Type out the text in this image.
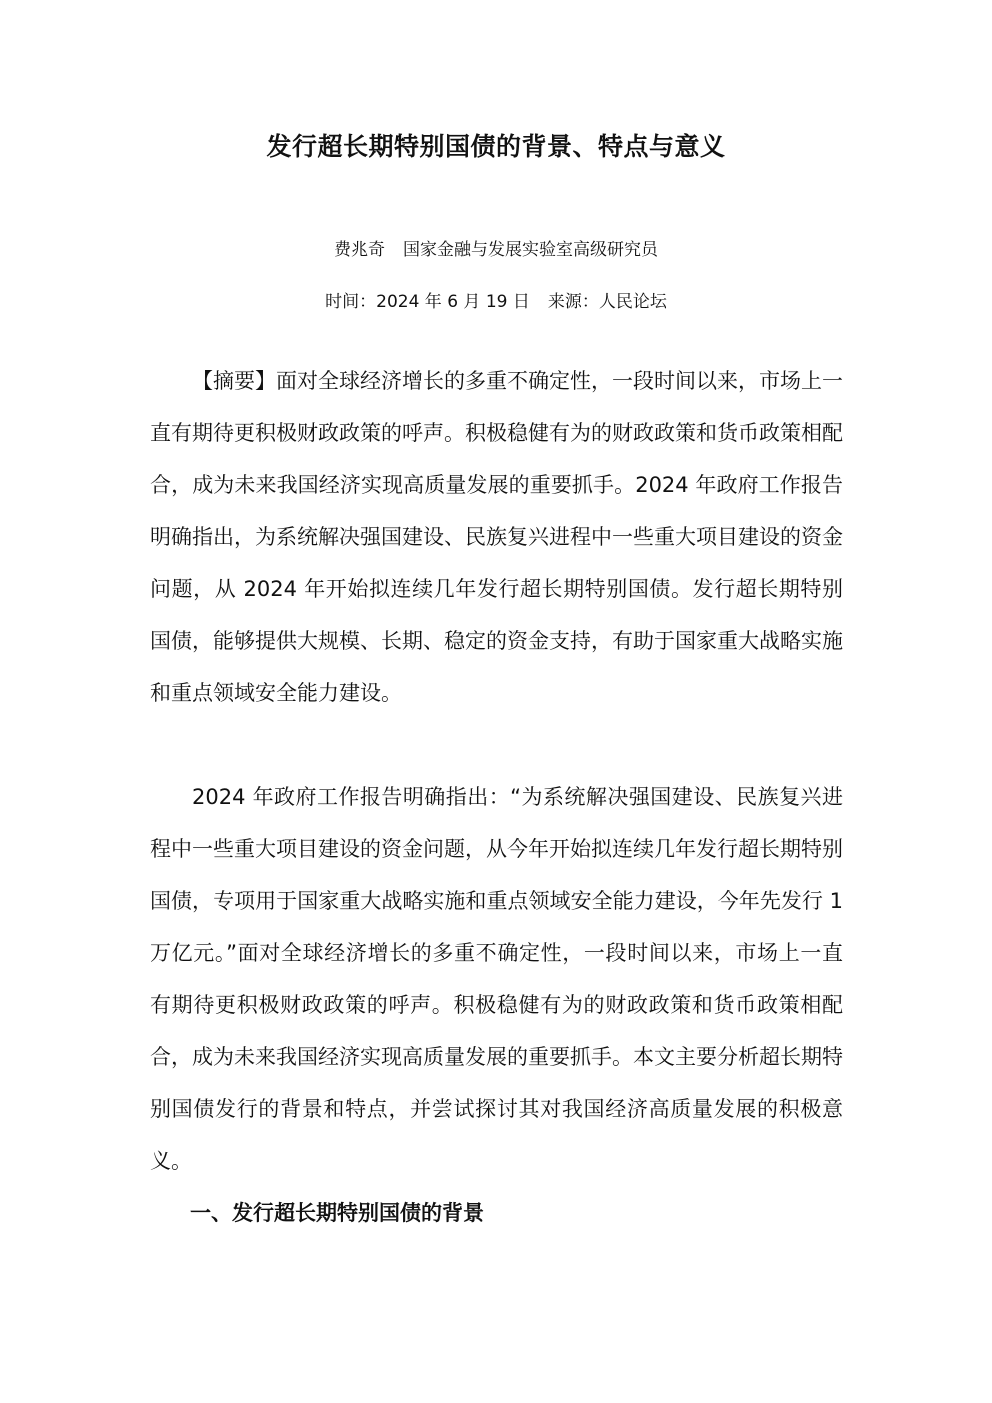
发行超长期特别国债的背景、特点与意义
费兆奇 国家金融与发展实验室高级研究员
时间：2024 年 6 月 19 日 来源：人民论坛

【摘要】面对全球经济增长的多重不确定性，一段时间以来，市场上一直有期待更积极财政政策的呼声。积极稳健有为的财政政策和货币政策相配合，成为未来我国经济实现高质量发展的重要抓手。2024 年政府工作报告明确指出，为系统解决强国建设、民族复兴进程中一些重大项目建设的资金问题，从 2024 年开始拟连续几年发行超长期特别国债。发行超长期特别国债，能够提供大规模、长期、稳定的资金支持，有助于国家重大战略实施和重点领域安全能力建设。

2024 年政府工作报告明确指出：“为系统解决强国建设、民族复兴进程中一些重大项目建设的资金问题，从今年开始拟连续几年发行超长期特别国债，专项用于国家重大战略实施和重点领域安全能力建设，今年先发行 1 万亿元。”面对全球经济增长的多重不确定性，一段时间以来，市场上一直有期待更积极财政政策的呼声。积极稳健有为的财政政策和货币政策相配合，成为未来我国经济实现高质量发展的重要抓手。本文主要分析超长期特别国债发行的背景和特点，并尝试探讨其对我国经济高质量发展的积极意义。

一、发行超长期特别国债的背景
